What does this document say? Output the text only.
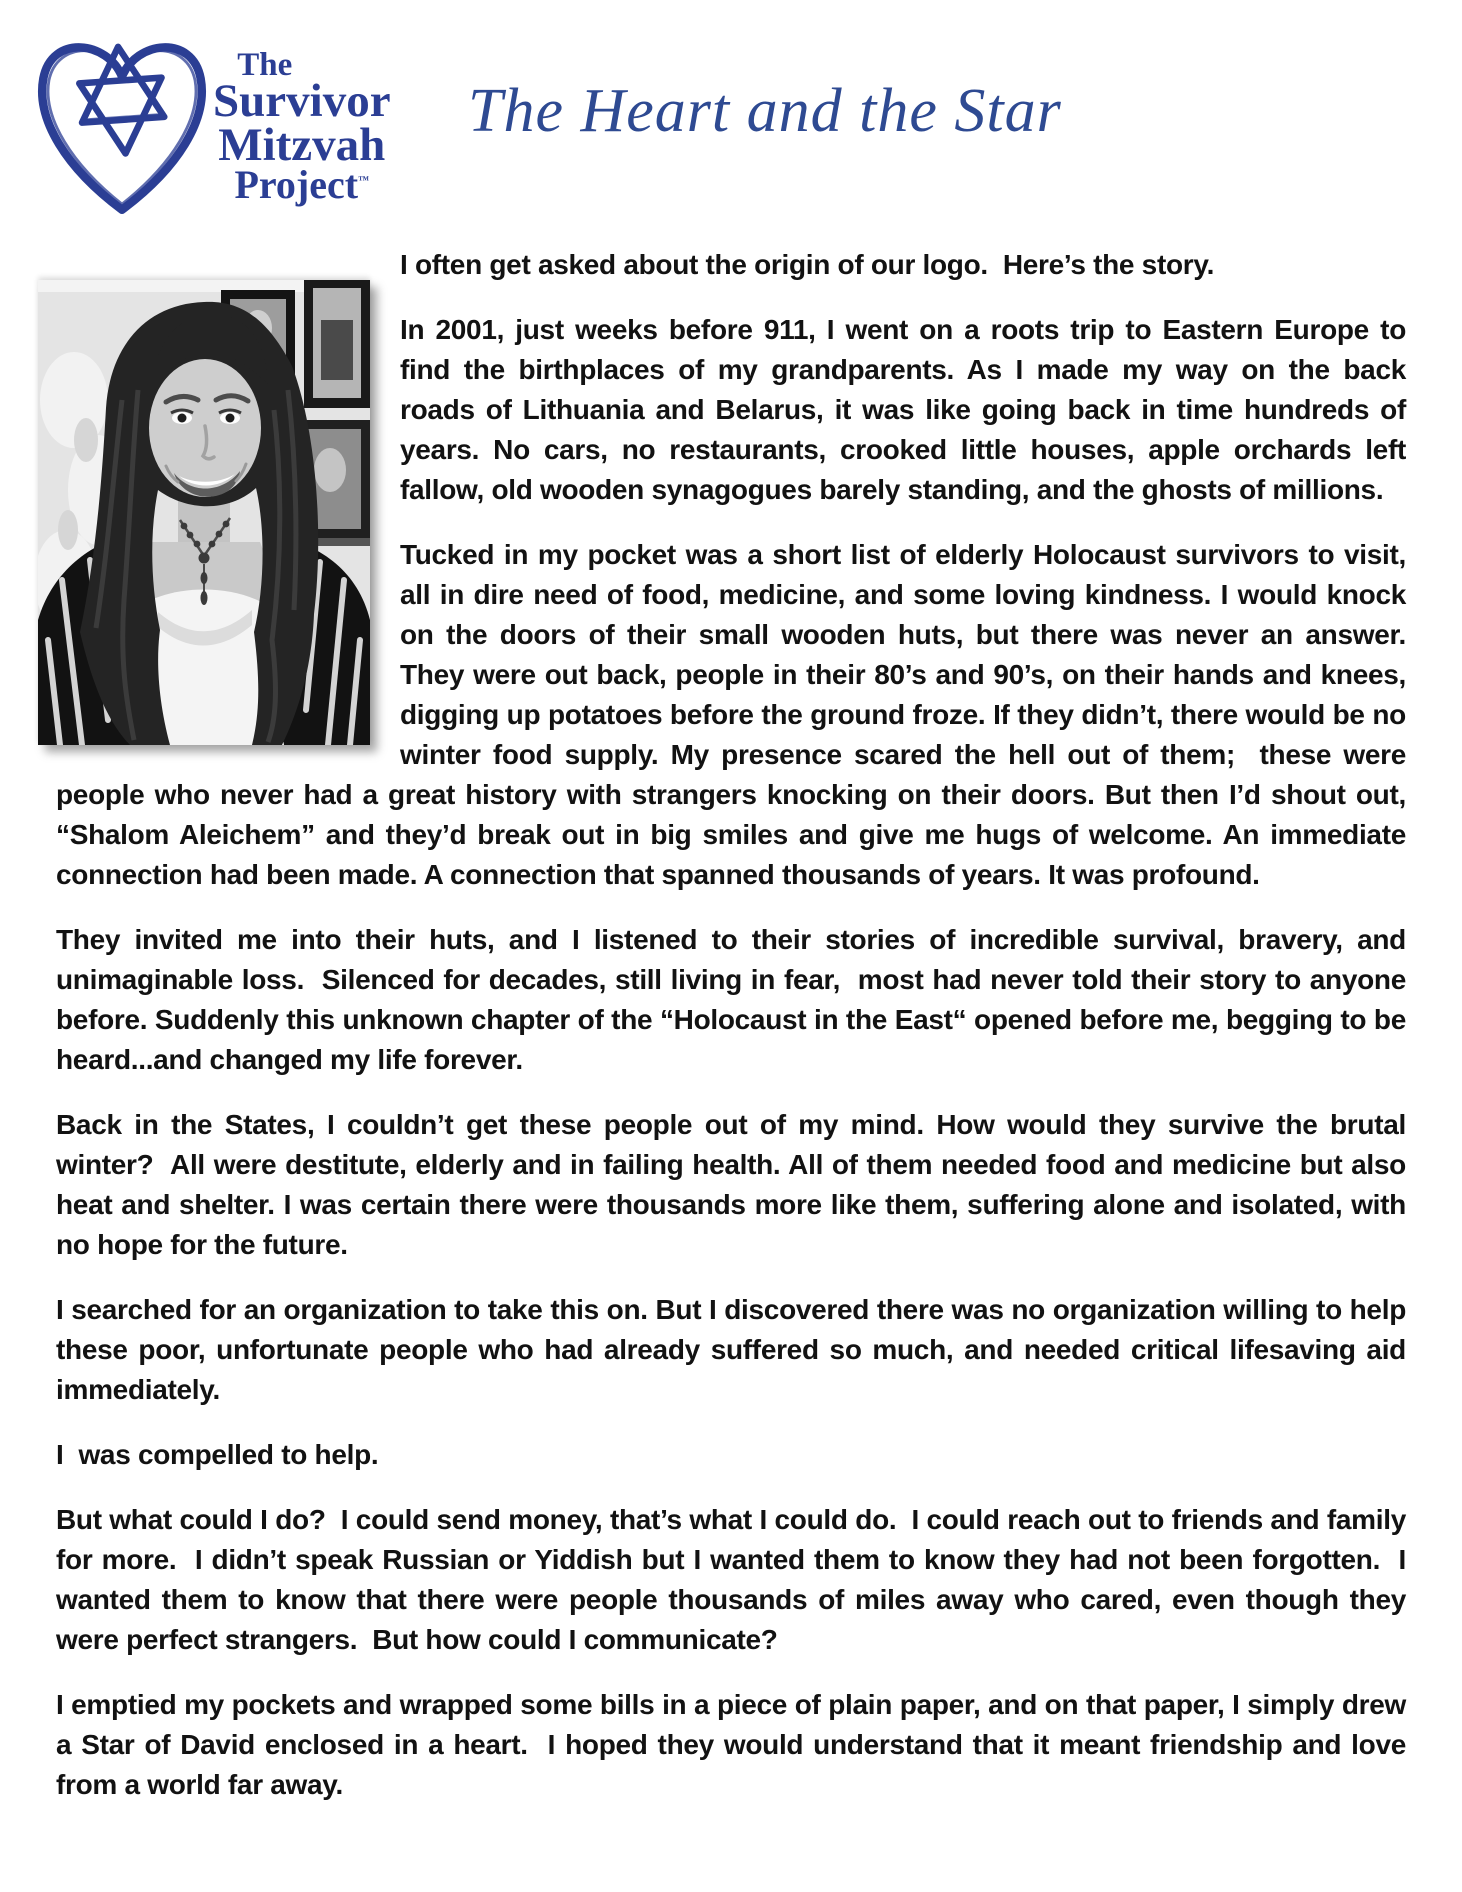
The
Survivor
Mitzvah
Project™
The Heart and the Star

I often get asked about the origin of our logo.  Here’s the story.

In 2001, just weeks before 911, I went on a roots trip to Eastern Europe to find the birthplaces of my grandparents. As I made my way on the back roads of Lithuania and Belarus, it was like going back in time hundreds of years. No cars, no restaurants, crooked little houses, apple orchards left fallow, old wooden synagogues barely standing, and the ghosts of millions.

Tucked in my pocket was a short list of elderly Holocaust survivors to visit, all in dire need of food, medicine, and some loving kindness. I would knock on the doors of their small wooden huts, but there was never an answer. They were out back, people in their 80’s and 90’s, on their hands and knees, digging up potatoes before the ground froze. If they didn’t, there would be no winter food supply. My presence scared the hell out of them;  these were people who never had a great history with strangers knocking on their doors. But then I’d shout out, “Shalom Aleichem” and they’d break out in big smiles and give me hugs of welcome. An immediate connection had been made. A connection that spanned thousands of years. It was profound.

They invited me into their huts, and I listened to their stories of incredible survival, bravery, and unimaginable loss.  Silenced for decades, still living in fear,  most had never told their story to anyone before. Suddenly this unknown chapter of the “Holocaust in the East“ opened before me, begging to be heard...and changed my life forever.

Back in the States, I couldn’t get these people out of my mind. How would they survive the brutal winter?  All were destitute, elderly and in failing health. All of them needed food and medicine but also heat and shelter. I was certain there were thousands more like them, suffering alone and isolated, with no hope for the future.

I searched for an organization to take this on. But I discovered there was no organization willing to help these poor, unfortunate people who had already suffered so much, and needed critical lifesaving aid immediately.

I  was compelled to help.

But what could I do?  I could send money, that’s what I could do.  I could reach out to friends and family for more.  I didn’t speak Russian or Yiddish but I wanted them to know they had not been forgotten.  I wanted them to know that there were people thousands of miles away who cared, even though they were perfect strangers.  But how could I communicate?

I emptied my pockets and wrapped some bills in a piece of plain paper, and on that paper, I simply drew a Star of David enclosed in a heart.  I hoped they would understand that it meant friendship and love from a world far away.
